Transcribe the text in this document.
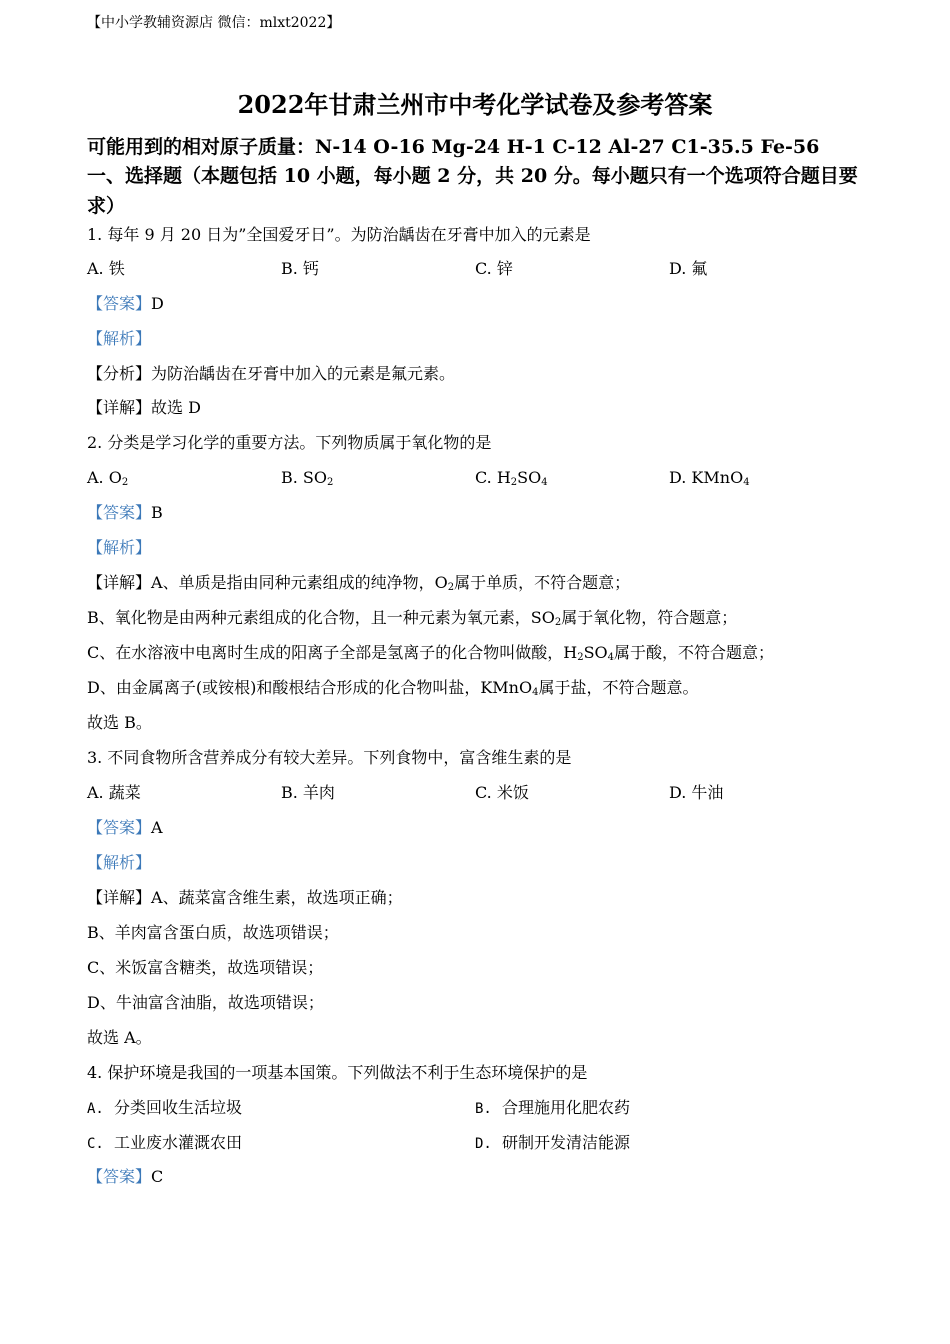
【中小学教辅资源店 微信：mlxt2022】
2022年甘肃兰州市中考化学试卷及参考答案
可能用到的相对原子质量：N-14 O-16 Mg-24 H-1 C-12 Al-27 C1-35.5 Fe-56
一、选择题（本题包括 10 小题，每小题 2 分，共 20 分。每小题只有一个选项符合题目要
求）
1. 每年 9 月 20 日为”全国爱牙日”。为防治龋齿在牙膏中加入的元素是
A. 铁	B. 钙	C. 锌	D. 氟
【答案】D
【解析】
【分析】为防治龋齿在牙膏中加入的元素是氟元素。
【详解】故选 D
2. 分类是学习化学的重要方法。下列物质属于氧化物的是
A. $O_2$	B. $SO_2$	C. $H_2SO_4$	D. KMnO$_4$
【答案】B
【解析】
【详解】A、单质是指由同种元素组成的纯净物，$O_2$属于单质，不符合题意；
B、氧化物是由两种元素组成的化合物，且一种元素为氧元素，$SO_2$属于氧化物，符合题意；
C、在水溶液中电离时生成的阳离子全部是氢离子的化合物叫做酸，$H_2SO_4$属于酸，不符合题意；
D、由金属离子(或铵根)和酸根结合形成的化合物叫盐，KMnO$_4$属于盐，不符合题意。
故选 B。
3. 不同食物所含营养成分有较大差异。下列食物中，富含维生素的是
A. 蔬菜	B. 羊肉	C. 米饭	D. 牛油
【答案】A
【解析】
【详解】A、蔬菜富含维生素，故选项正确；
B、羊肉富含蛋白质，故选项错误；
C、米饭富含糖类，故选项错误；
D、牛油富含油脂，故选项错误；
故选 A。
4. 保护环境是我国的一项基本国策。下列做法不利于生态环境保护的是
A. 分类回收生活垃圾	B. 合理施用化肥农药
C. 工业废水灌溉农田	D. 研制开发清洁能源
【答案】C
